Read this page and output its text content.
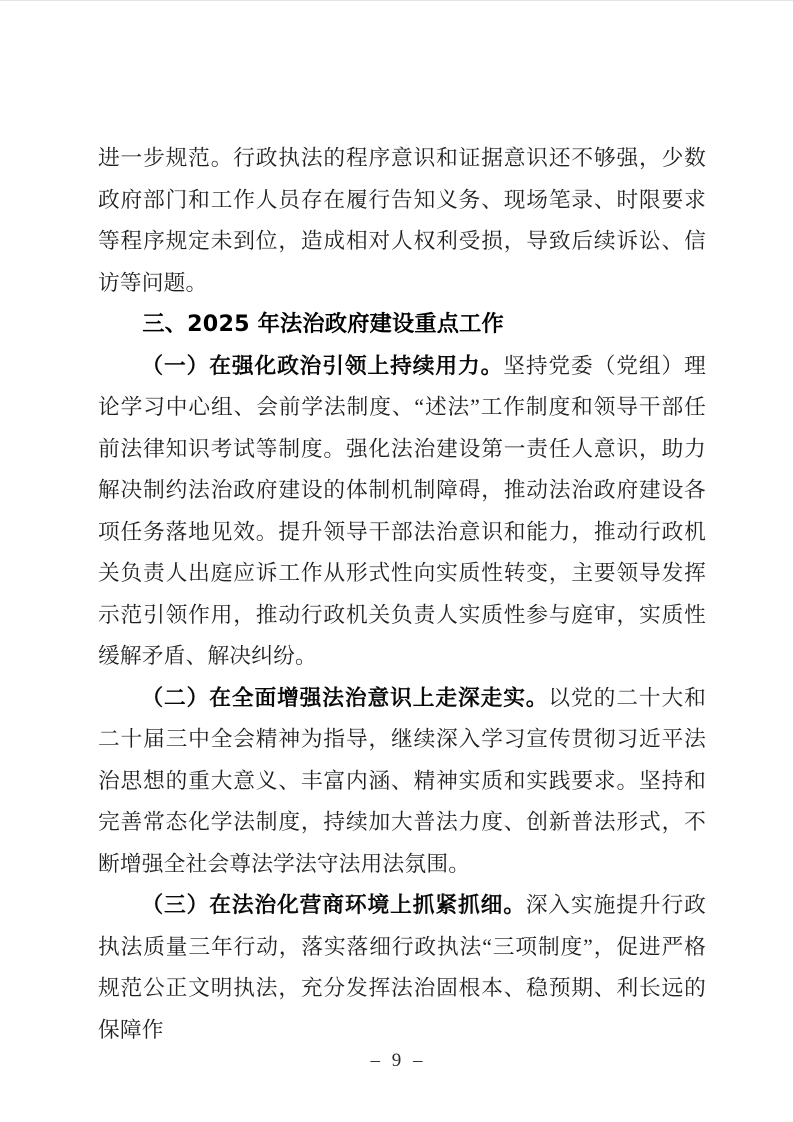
进一步规范。行政执法的程序意识和证据意识还不够强，少数政府部门和工作人员存在履行告知义务、现场笔录、时限要求等程序规定未到位，造成相对人权利受损，导致后续诉讼、信访等问题。

三、2025 年法治政府建设重点工作

（一）在强化政治引领上持续用力。坚持党委（党组）理论学习中心组、会前学法制度、“述法”工作制度和领导干部任前法律知识考试等制度。强化法治建设第一责任人意识，助力解决制约法治政府建设的体制机制障碍，推动法治政府建设各项任务落地见效。提升领导干部法治意识和能力，推动行政机关负责人出庭应诉工作从形式性向实质性转变，主要领导发挥示范引领作用，推动行政机关负责人实质性参与庭审，实质性缓解矛盾、解决纠纷。

（二）在全面增强法治意识上走深走实。以党的二十大和二十届三中全会精神为指导，继续深入学习宣传贯彻习近平法治思想的重大意义、丰富内涵、精神实质和实践要求。坚持和完善常态化学法制度，持续加大普法力度、创新普法形式，不断增强全社会尊法学法守法用法氛围。

（三）在法治化营商环境上抓紧抓细。深入实施提升行政执法质量三年行动，落实落细行政执法“三项制度”，促进严格规范公正文明执法，充分发挥法治固根本、稳预期、利长远的保障作

– 9 –
